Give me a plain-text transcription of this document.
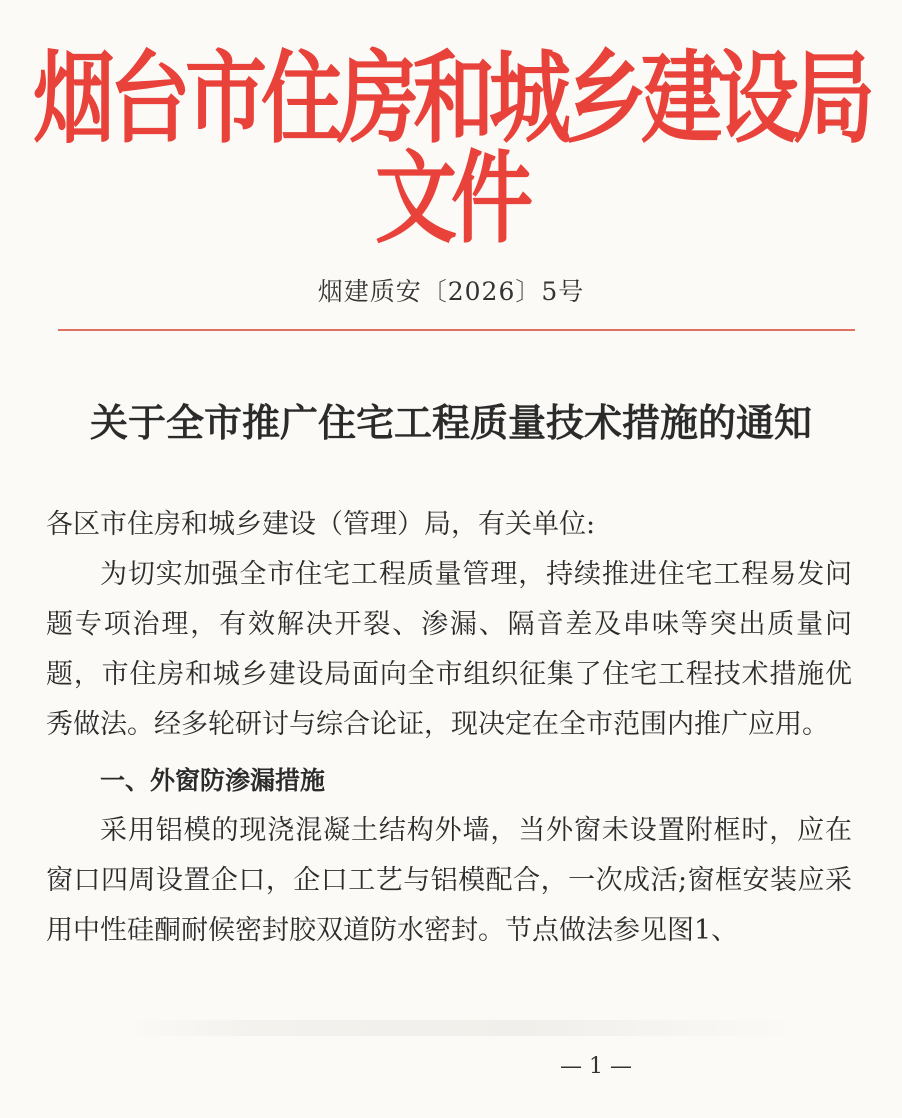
烟台市住房和城乡建设局文件
烟建质安〔2026〕5号
关于全市推广住宅工程质量技术措施的通知

各区市住房和城乡建设（管理）局，有关单位:

为切实加强全市住宅工程质量管理，持续推进住宅工程易发问题专项治理，有效解决开裂、渗漏、隔音差及串味等突出质量问题，市住房和城乡建设局面向全市组织征集了住宅工程技术措施优秀做法。经多轮研讨与综合论证，现决定在全市范围内推广应用。

一、外窗防渗漏措施

采用铝模的现浇混凝土结构外墙，当外窗未设置附框时，应在窗口四周设置企口，企口工艺与铝模配合，一次成活;窗框安装应采用中性硅酮耐候密封胶双道防水密封。节点做法参见图1、

— 1 —
